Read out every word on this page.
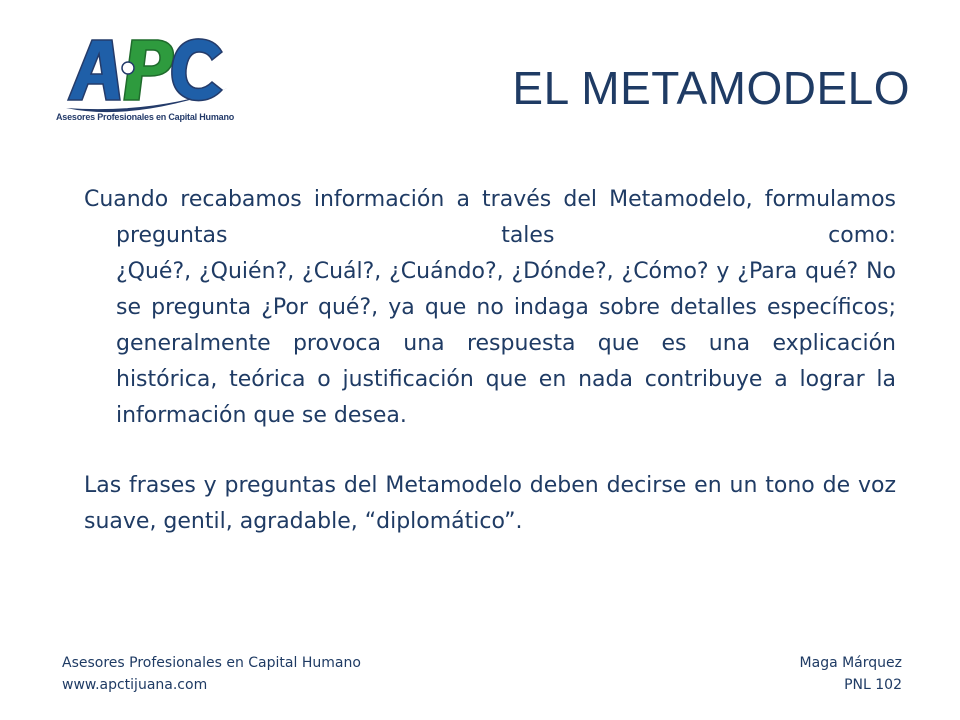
Asesores Profesionales en Capital Humano
EL METAMODELO

Cuando recabamos información a través del Metamodelo, formulamos preguntas tales como:

¿Qué?, ¿Quién?, ¿Cuál?, ¿Cuándo?, ¿Dónde?, ¿Cómo? y ¿Para qué? No se pregunta ¿Por qué?, ya que no indaga sobre detalles específicos; generalmente provoca una respuesta que es una explicación histórica, teórica o justificación que en nada contribuye a lograr la información que se desea.

Las frases y preguntas del Metamodelo deben decirse en un tono de voz suave, gentil, agradable, “diplomático”.

Asesores Profesionales en Capital Humano
www.apctijuana.com
Maga Márquez
PNL 102
